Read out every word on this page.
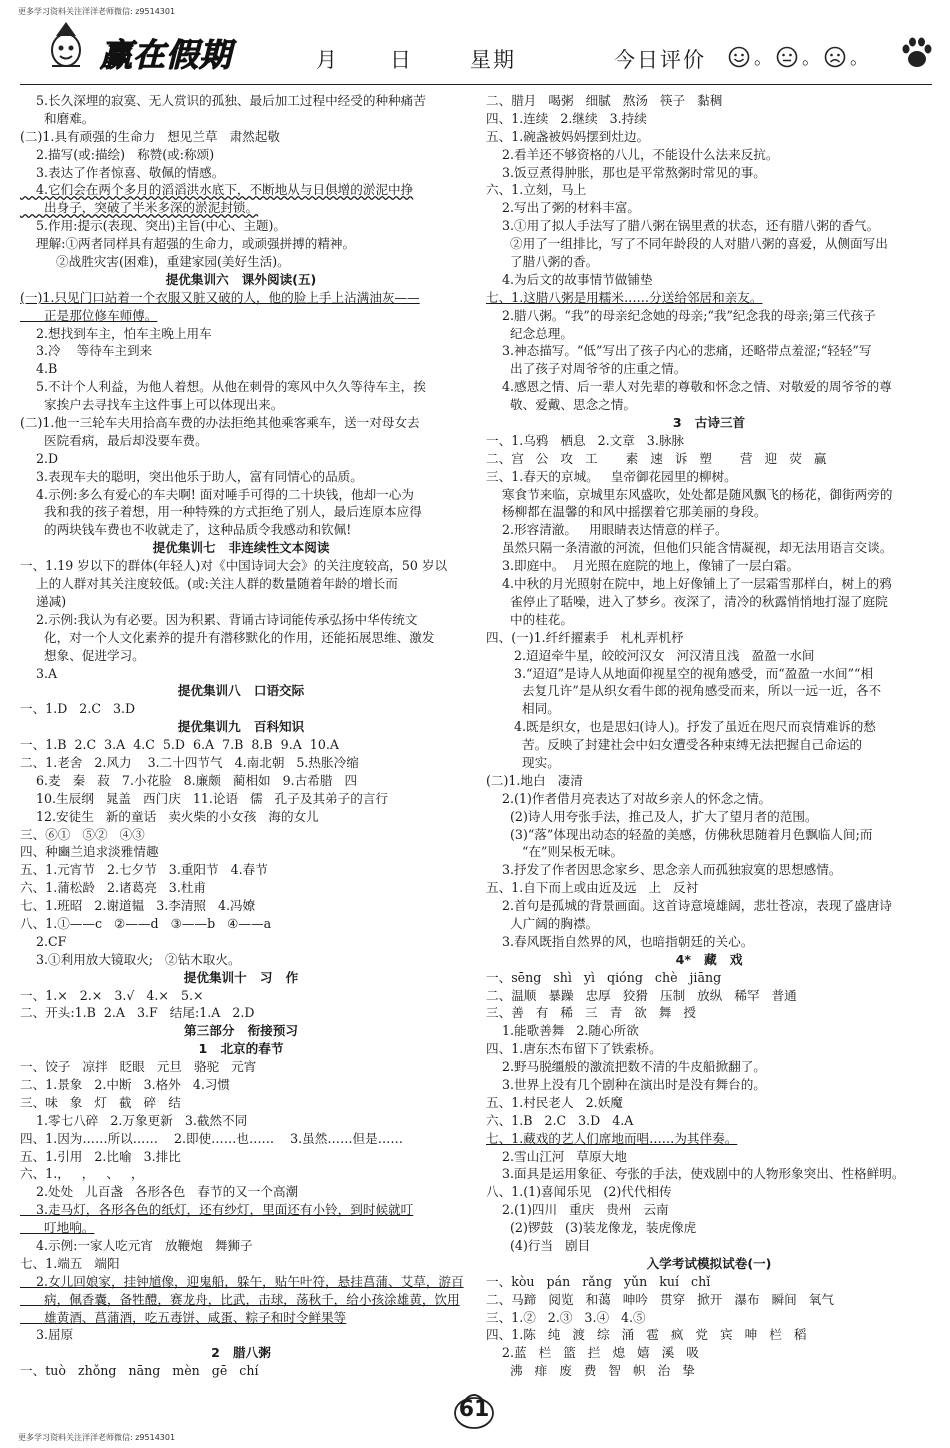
更多学习资料关注洋洋老师微信: z9514301
赢在假期	月 日	星期	今日评价	。 。 。
5.长久深埋的寂寞、无人赏识的孤独、最后加工过程中经受的种种痛苦
和磨难。
(二)1.具有顽强的生命力   想见兰草   肃然起敬
2.描写(或:描绘)   称赞(或:称颂)
3.表达了作者惊喜、敬佩的情感。
4.它们会在两个多月的滔滔洪水底下，不断地从与日俱增的淤泥中挣
出身子，突破了半米多深的淤泥封锁。
5.作用:提示(表现、突出)主旨(中心、主题)。
理解:①两者同样具有超强的生命力，或顽强拼搏的精神。
②战胜灾害(困难)，重建家园(美好生活)。
提优集训六   课外阅读(五)
(一)1.只见门口站着一个衣服又脏又破的人，他的脸上手上沾满油灰——
正是那位修车师傅。
2.想找到车主，怕车主晚上用车
3.冷    等待车主到来
4.B
5.不计个人利益，为他人着想。从他在刺骨的寒风中久久等待车主，挨
家挨户去寻找车主这件事上可以体现出来。
(二)1.他一三轮车夫用拾高车费的办法拒绝其他乘客乘车，送一对母女去
医院看病，最后却没要车费。
2.D
3.表现车夫的聪明，突出他乐于助人，富有同情心的品质。
4.示例:多么有爱心的车夫啊! 面对唾手可得的二十块钱，他却一心为
我和我的孩子着想，用一种特殊的方式拒绝了别人，最后连原本应得
的两块钱车费也不收就走了，这种品质令我感动和钦佩!
提优集训七   非连续性文本阅读
一、1.19 岁以下的群体(年轻人)对《中国诗词大会》的关注度较高，50 岁以
上的人群对其关注度较低。(或:关注人群的数量随着年龄的增长而
递减)
2.示例:我认为有必要。因为积累、背诵古诗词能传承弘扬中华传统文
化，对一个人文化素养的提升有潜移默化的作用，还能拓展思维、激发
想象、促进学习。
3.A
提优集训八   口语交际
一、1.D   2.C   3.D
提优集训九   百科知识
一、1.B  2.C  3.A  4.C  5.D  6.A  7.B  8.B  9.A  10.A
二、1.老舍   2.风力    3.二十四节气   4.南北朝   5.热胀冷缩
6.麦   秦   菽   7.小花脸   8.廉颇   蔺相如   9.古希腊   四
10.生辰纲   晁盖   西门庆   11.论语   儒   孔子及其弟子的言行
12.安徒生   新的童话   卖火柴的小女孩   海的女儿
三、⑥①   ⑤②   ④③
四、种豳兰追求淡雅情趣
五、1.元宵节   2.七夕节   3.重阳节   4.春节
六、1.蒲松龄   2.诸葛亮   3.杜甫
七、1.班昭   2.谢道韫   3.李清照   4.冯嫽
八、1.①——c   ②——d   ③——b   ④——a
2.CF
3.①利用放大镜取火;   ②钻木取火。
提优集训十   习   作
一、1.×   2.×   3.√   4.×   5.×
二、开头:1.B  2.A   3.F   结尾:1.A   2.D
第三部分   衔接预习
1   北京的春节
一、饺子   凉拌   眨眼   元旦   骆驼   元宵
二、1.景象   2.中断   3.格外   4.习惯
三、味   象   灯   截   碎   结
1.零七八碎   2.万象更新   3.截然不同
四、1.因为……所以……    2.即使……也……    3.虽然……但是……
五、1.引用   2.比喻   3.排比
六、1.，   ，   、   ，
2.处处   儿百盏   各形各色   春节的又一个高潮
3.走马灯，各形各色的纸灯，还有纱灯，里面还有小铃，到时候就叮
叮地响。
4.示例:一家人吃元宵   放鞭炮   舞狮子
七、1.端五   端阳
2.女儿回娘家，挂钟馗像，迎鬼船，躲午，贴午叶符，悬挂菖蒲、艾草，游百
病，佩香囊，备牲醴，赛龙舟，比武，击球，荡秋千，给小孩涂雄黄，饮用
雄黄酒、菖蒲酒，吃五毒饼、咸蛋、粽子和时令鲜果等
3.屈原
2   腊八粥
一、tuò   zhǒng   nāng   mèn   gē   chí
二、腊月   喝粥   细腻   熬汤   筷子   黏稠
四、1.连续   2.继续   3.持续
五、1.碗盏被妈妈摆到灶边。
2.看羊还不够资格的八儿，不能设什么法来反抗。
3.饭豆煮得肿胀，那也是平常熬粥时常见的事。
六、1.立刻，马上
2.写出了粥的材料丰富。
3.①用了拟人手法写了腊八粥在锅里煮的状态，还有腊八粥的香气。
②用了一组排比，写了不同年龄段的人对腊八粥的喜爱，从侧面写出
了腊八粥的香。
4.为后文的故事情节做铺垫
七、1.这腊八粥是用糯米……分送给邻居和亲友。
2.腊八粥。“我”的母亲纪念她的母亲;“我”纪念我的母亲;第三代孩子
纪念总理。
3.神态描写。“低”写出了孩子内心的悲痛，还略带点羞涩;“轻轻”写
出了孩子对周爷爷的庄重之情。
4.感恩之情、后一辈人对先辈的尊敬和怀念之情、对敬爱的周爷爷的尊
敬、爱戴、思念之情。
3   古诗三首
一、1.乌鸦   栖息   2.文章   3.脉脉
二、宫   公   攻   工       素   速   诉   塑       营   迎   荧   赢
三、1.春天的京城。   皇帝御花园里的柳树。
寒食节来临，京城里东风盛吹，处处都是随风飘飞的杨花，御街两旁的
杨柳都在温馨的和风中摇摆着它那美丽的身段。
2.形容清澈。   用眼睛表达情意的样子。
虽然只隔一条清澈的河流，但他们只能含情凝视，却无法用语言交谈。
3.即庭中。  月光照在庭院的地上，像铺了一层白霜。
4.中秋的月光照射在院中，地上好像铺上了一层霜雪那样白，树上的鸦
雀停止了聒噪，进入了梦乡。夜深了，清冷的秋露悄悄地打湿了庭院
中的桂花。
四、(一)1.纤纤擢素手   札札弄机杼
2.迢迢牵牛星，皎皎河汉女   河汉清且浅   盈盈一水间
3.“迢迢”是诗人从地面仰视星空的视角感受，而“盈盈一水间”“相
去复几许”是从织女看牛郎的视角感受而来，所以一远一近，各不
相同。
4.既是织女，也是思妇(诗人)。抒发了虽近在咫尺而哀情难诉的愁
苦。反映了封建社会中妇女遭受各种束缚无法把握自己命运的
现实。
(二)1.地白   凄清
2.(1)作者借月亮表达了对故乡亲人的怀念之情。
(2)诗人用夸张手法，推己及人，扩大了望月者的范围。
(3)“落”体现出动态的轻盈的美感，仿佛秋思随着月色飘临人间;而
“在”则呆板无味。
3.抒发了作者因思念家乡、思念亲人而孤独寂寞的思想感情。
五、1.自下而上或由近及远   上   反衬
2.首句是孤城的背景画面。这首诗意境雄阔，悲壮苍凉，表现了盛唐诗
人广阔的胸襟。
3.春风既指自然界的风，也暗指朝廷的关心。
4*   藏   戏
一、sēng   shì   yì   qióng   chè   jiāng
二、温顺   暴躁   忠厚   狡猾   压制   放纵   稀罕   普通
三、善   有   稀   三   青   欲   舞   授
1.能歌善舞   2.随心所欲
四、1.唐东杰布留下了铁索桥。
2.野马脱缰般的激流把数不清的牛皮船掀翻了。
3.世界上没有几个剧种在演出时是没有舞台的。
五、1.村民老人   2.妖魔
六、1.B   2.C   3.D   4.A
七、1.藏戏的艺人们席地而唱……为其伴奏。
2.雪山江河   草原大地
3.面具是运用象征、夸张的手法，使戏剧中的人物形象突出、性格鲜明。
八、1.(1)喜闻乐见   (2)代代相传
2.(1)四川   重庆   贵州   云南
(2)锣鼓   (3)装龙像龙，装虎像虎
(4)行当   剧目
入学考试模拟试卷(一)
一、kòu   pán   rǎng   yǔn   kuí   chǐ
二、马蹄   阅览   和蔼   呻吟   贯穿   掀开   瀑布   瞬间   氧气
三、1.②   2.③   3.④   4.⑤
四、1.陈   纯   渡   综   涌   雹   疯   党   宾   呻   栏   稻
2.蓝   栏   篮   拦   熄   嬉   溪   吸
沸   痱   废   费   智   帜   治   挚
61
更多学习资料关注洋洋老师微信: z9514301
